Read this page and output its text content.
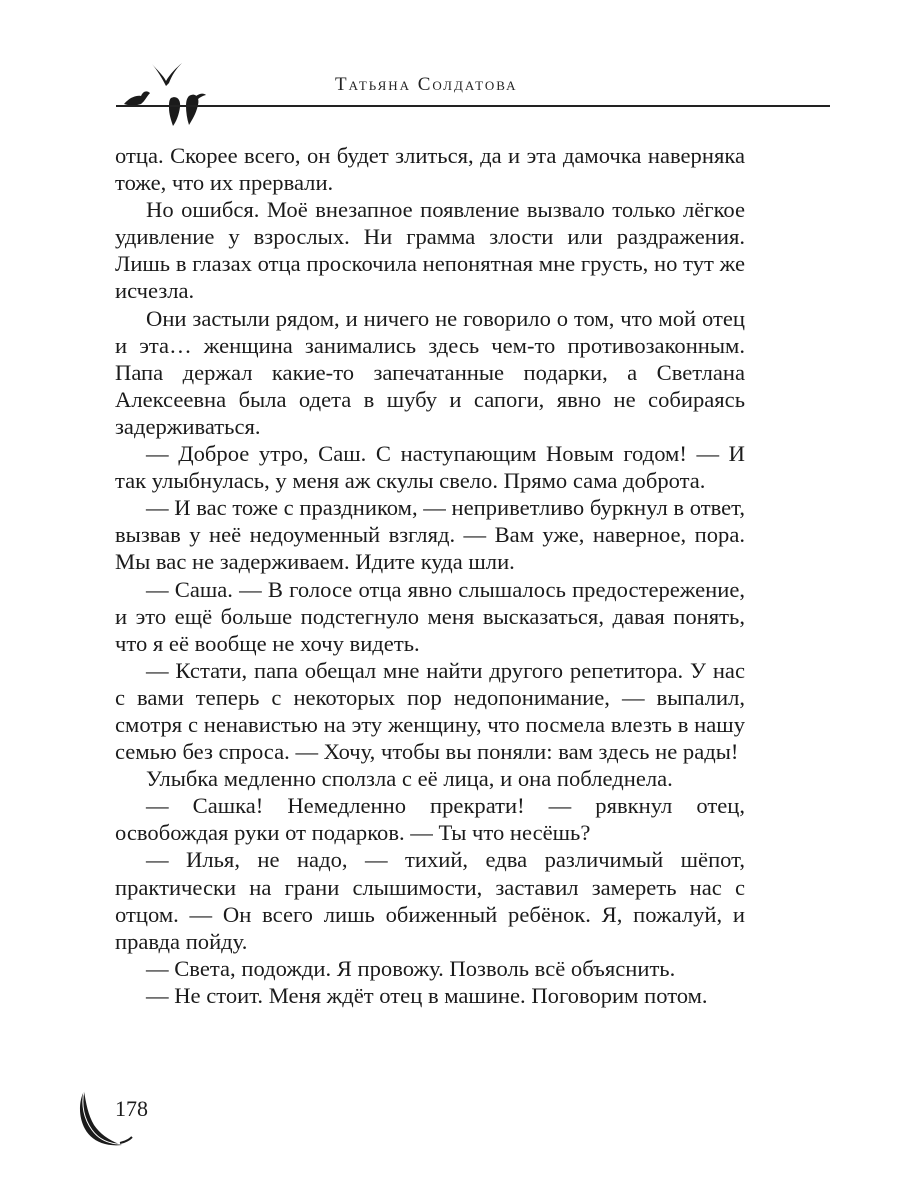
Татьяна Солдатова

отца. Скорее всего, он будет злиться, да и эта дамочка наверняка тоже, что их прервали.

Но ошибся. Моё внезапное появление вызвало только лёгкое удивление у взрослых. Ни грамма злости или раздражения. Лишь в глазах отца проскочила непонятная мне грусть, но тут же исчезла.

Они застыли рядом, и ничего не говорило о том, что мой отец и эта… женщина занимались здесь чем-то противозаконным. Папа держал какие-то запечатанные подарки, а Светлана Алексеевна была одета в шубу и сапоги, явно не собираясь задерживаться.

— Доброе утро, Саш. С наступающим Новым годом! — И так улыбнулась, у меня аж скулы свело. Прямо сама доброта.

— И вас тоже с праздником, — неприветливо буркнул в ответ, вызвав у неё недоуменный взгляд. — Вам уже, наверное, пора. Мы вас не задерживаем. Идите куда шли.

— Саша. — В голосе отца явно слышалось предостережение, и это ещё больше подстегнуло меня высказаться, давая понять, что я её вообще не хочу видеть.

— Кстати, папа обещал мне найти другого репетитора. У нас с вами теперь с некоторых пор недопонимание, — выпалил, смотря с ненавистью на эту женщину, что посмела влезть в нашу семью без спроса. — Хочу, чтобы вы поняли: вам здесь не рады!

Улыбка медленно сползла с её лица, и она побледнела.

— Сашка! Немедленно прекрати! — рявкнул отец, освобождая руки от подарков. — Ты что несёшь?

— Илья, не надо, — тихий, едва различимый шёпот, практически на грани слышимости, заставил замереть нас с отцом. — Он всего лишь обиженный ребёнок. Я, пожалуй, и правда пойду.

— Света, подожди. Я провожу. Позволь всё объяснить.

— Не стоит. Меня ждёт отец в машине. Поговорим потом.

178
